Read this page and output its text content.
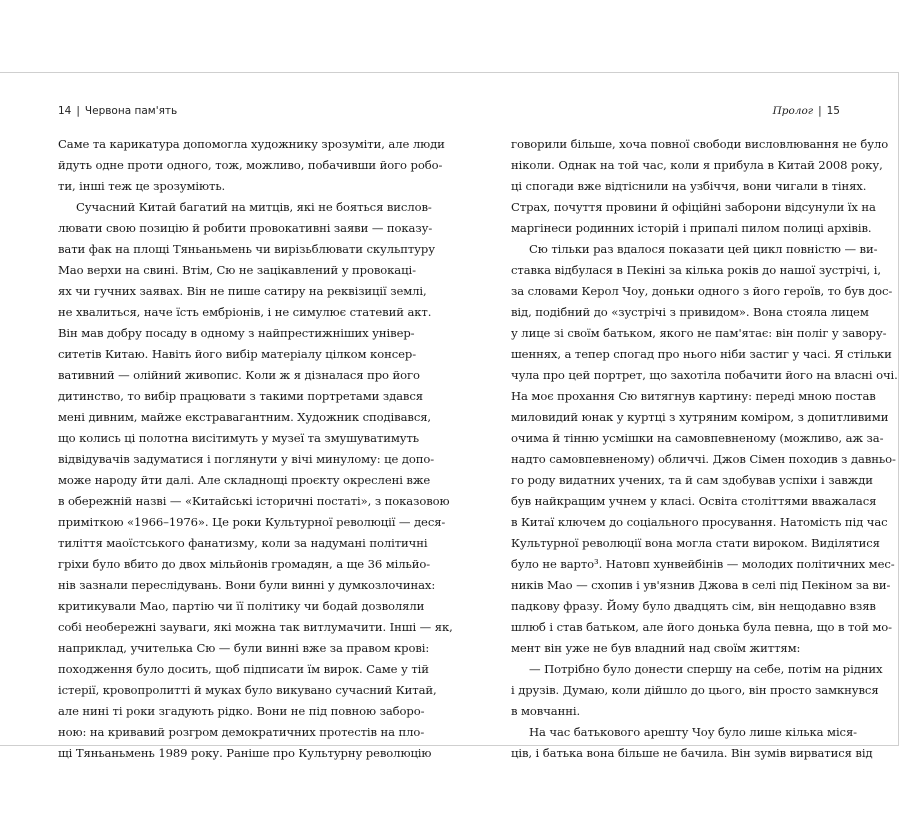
14 | Червона пам'ять
Саме та карикатура допомогла художнику зрозуміти, але люди
йдуть одне проти одного, тож, можливо, побачивши його робо-
ти, інші теж це зрозуміють.
Сучасний Китай багатий на митців, які не бояться вислов-
лювати свою позицію й робити провокативні заяви — показу-
вати фак на площі Тяньаньмень чи вирізьблювати скульптуру
Мао верхи на свині. Втім, Сю не зацікавлений у провокаці-
ях чи гучних заявах. Він не пише сатиру на реквізиції землі,
не хвалиться, наче їсть ембріонів, і не симулює статевий акт.
Він мав добру посаду в одному з найпрестижніших універ-
ситетів Китаю. Навіть його вибір матеріалу цілком консер-
вативний — олійний живопис. Коли ж я дізналася про його
дитинство, то вибір працювати з такими портретами здався
мені дивним, майже екстравагантним. Художник сподівався,
що колись ці полотна висітимуть у музеї та змушуватимуть
відвідувачів задуматися і поглянути у вічі минулому: це допо-
може народу йти далі. Але складнощі проєкту окреслені вже
в обережній назві — «Китайські історичні постаті», з показовою
приміткою «1966–1976». Це роки Культурної революції — деся-
тиліття маоїстського фанатизму, коли за надумані політичні
гріхи було вбито до двох мільйонів громадян, а ще 36 мільйо-
нів зазнали переслідувань. Вони були винні у думкозлочинах:
критикували Мао, партію чи її політику чи бодай дозволяли
собі необережні зауваги, які можна так витлумачити. Інші — як,
наприклад, учителька Сю — були винні вже за правом крові:
походження було досить, щоб підписати їм вирок. Саме у тій
істерії, кровопролитті й муках було викувано сучасний Китай,
але нині ті роки згадують рідко. Вони не під повною заборо-
ною: на кривавий розгром демократичних протестів на пло-
щі Тяньаньмень 1989 року. Раніше про Культурну революцію
Пролог | 15
говорили більше, хоча повної свободи висловлювання не було
ніколи. Однак на той час, коли я прибула в Китай 2008 року,
ці спогади вже відтіснили на узбіччя, вони чигали в тінях.
Страх, почуття провини й офіційні заборони відсунули їх на
маргінеси родинних історій і припалі пилом полиці архівів.
Сю тільки раз вдалося показати цей цикл повністю — ви-
ставка відбулася в Пекіні за кілька років до нашої зустрічі, і,
за словами Керол Чоу, доньки одного з його героїв, то був дос-
від, подібний до «зустрічі з привидом». Вона стояла лицем
у лице зі своїм батьком, якого не пам'ятає: він поліг у завору-
шеннях, а тепер спогад про нього ніби застиг у часі. Я стільки
чула про цей портрет, що захотіла побачити його на власні очі.
На моє прохання Сю витягнув картину: переді мною постав
миловидий юнак у куртці з хутряним коміром, з допитливими
очима й тінню усмішки на самовпевненому (можливо, аж за-
надто самовпевненому) обличчі. Джов Сімен походив з давньо-
го роду видатних учених, та й сам здобував успіхи і завжди
був найкращим учнем у класі. Освіта століттями вважалася
в Китаї ключем до соціального просування. Натомість під час
Культурної революції вона могла стати вироком. Виділятися
було не варто³. Натовп хунвейбінів — молодих політичних мес-
ників Мао — схопив і ув'язнив Джова в селі під Пекіном за ви-
падкову фразу. Йому було двадцять сім, він нещодавно взяв
шлюб і став батьком, але його донька була певна, що в той мо-
мент він уже не був владний над своїм життям:
— Потрібно було донести спершу на себе, потім на рідних
і друзів. Думаю, коли дійшло до цього, він просто замкнувся
в мовчанні.
На час батькового арешту Чоу було лише кілька міся-
ців, і батька вона більше не бачила. Він зумів вирватися від
